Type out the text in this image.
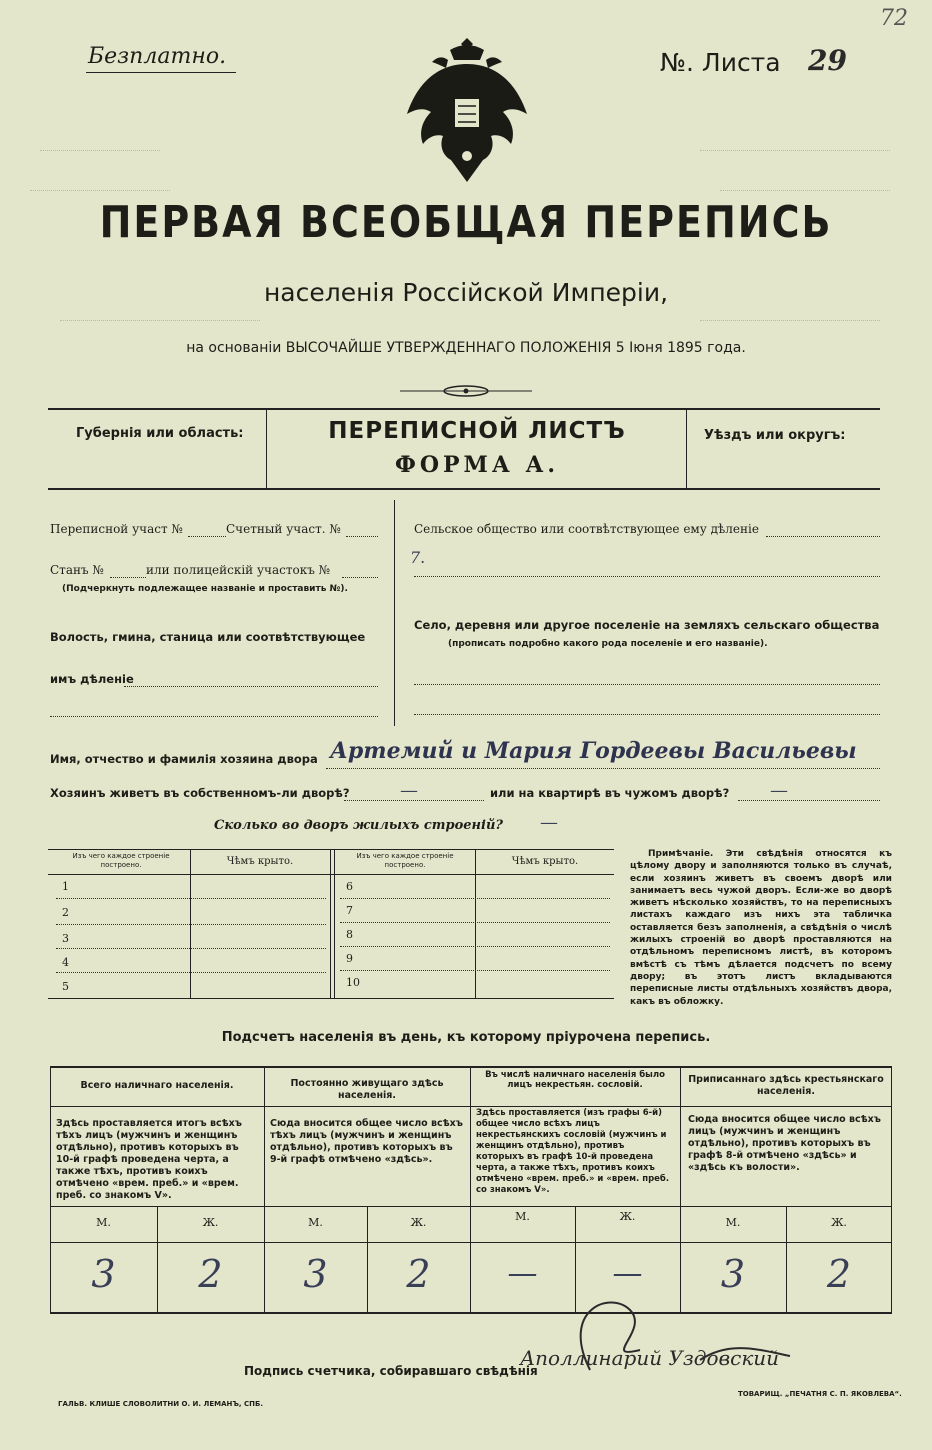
Безплатно.	№. Листа 29
72
ПЕРВАЯ ВСЕОБЩАЯ ПЕРЕПИСЬ
населенія Россійской Имперіи,
на основаніи ВЫСОЧАЙШЕ УТВЕРЖДЕННАГО ПОЛОЖЕНІЯ 5 Іюня 1895 года.
Губернія или область:	ПЕРЕПИСНОЙ ЛИСТЪ
ФОРМА А.
Уѣздъ или округъ:
Переписной участ №	Счетный участ. №
Станъ №	или полицейскій участокъ №
(Подчеркнуть подлежащее названіе и проставить №).
Волость, гмина, станица или соотвѣтствующее
имъ дѣленіе
Сельское общество или соотвѣтствующее ему дѣленіе
7.
Село, деревня или другое поселеніе на земляхъ сельскаго общества
(прописать подробно какого рода поселеніе и его названіе).
Имя, отчество и фамилія хозяина двора Артемий и Мария Гордеевы Васильевы
Хозяинъ живетъ въ собственномъ-ли дворѣ?	—	или на квартирѣ въ чужомъ дворѣ? —
Сколько во дворъ жилыхъ строеній? —
Изъ чего каждое строеніе построено.	Чѣмъ крыто.	Изъ чего каждое строеніе построено.	Чѣмъ крыто.
1
2
3
4
5
6
7
8
9
10
Примѣчаніе. Эти свѣдѣнія относятся къ цѣлому двору и заполняются только въ случаѣ, если хозяинъ живетъ въ своемъ дворѣ или занимаетъ весь чужой дворъ. Если-же во дворѣ живетъ нѣсколько хозяйствъ, то на переписныхъ листахъ каждаго изъ нихъ эта табличка оставляется безъ заполненія, а свѣдѣнія о числѣ жилыхъ строеній во дворѣ проставляются на отдѣльномъ переписномъ листѣ, въ которомъ вмѣстѣ съ тѣмъ дѣлается подсчетъ по всему двору; въ этотъ листъ вкладываются переписные листы отдѣльныхъ хозяйствъ двора, какъ въ обложку.
Подсчетъ населенія въ день, къ которому пріурочена перепись.
Всего наличнаго населенія.
Здѣсь проставляется итогъ всѣхъ тѣхъ лицъ (мужчинъ и женщинъ отдѣльно), противъ которыхъ въ 10-й графѣ проведена черта, а также тѣхъ, противъ коихъ отмѣчено «врем. преб.» и «врем. преб. со знакомъ V».
М.	Ж.
3	2
Постоянно живущаго здѣсь населенія.
Сюда вносится общее число всѣхъ тѣхъ лицъ (мужчинъ и женщинъ отдѣльно), противъ которыхъ въ 9-й графѣ отмѣчено «здѣсь».
М.	Ж.
3	2
Въ числѣ наличнаго населенія было лицъ некрестьян. сословій.
Здѣсь проставляется (изъ графы 6-й) общее число всѣхъ лицъ некрестьянскихъ сословій (мужчинъ и женщинъ отдѣльно), противъ которыхъ въ графѣ 10-й проведена черта, а также тѣхъ, противъ коихъ отмѣчено «врем. преб.» и «врем. преб. со знакомъ V».
М.	Ж.
—	—
Приписаннаго здѣсь крестьянскаго населенія.
Сюда вносится общее число всѣхъ лицъ (мужчинъ и женщинъ отдѣльно), противъ которыхъ въ графѣ 8-й отмѣчено «здѣсь» и «здѣсь къ волости».
М.	Ж.
3	2
Подпись счетчика, собиравшаго свѣдѣнія
Аполлинарий Уздовский
ГАЛЬВ. КЛИШЕ СЛОВОЛИТНИ О. И. ЛЕМАНЪ, СПБ.
ТОВАРИЩ. „ПЕЧАТНЯ С. П. ЯКОВЛЕВА“.
